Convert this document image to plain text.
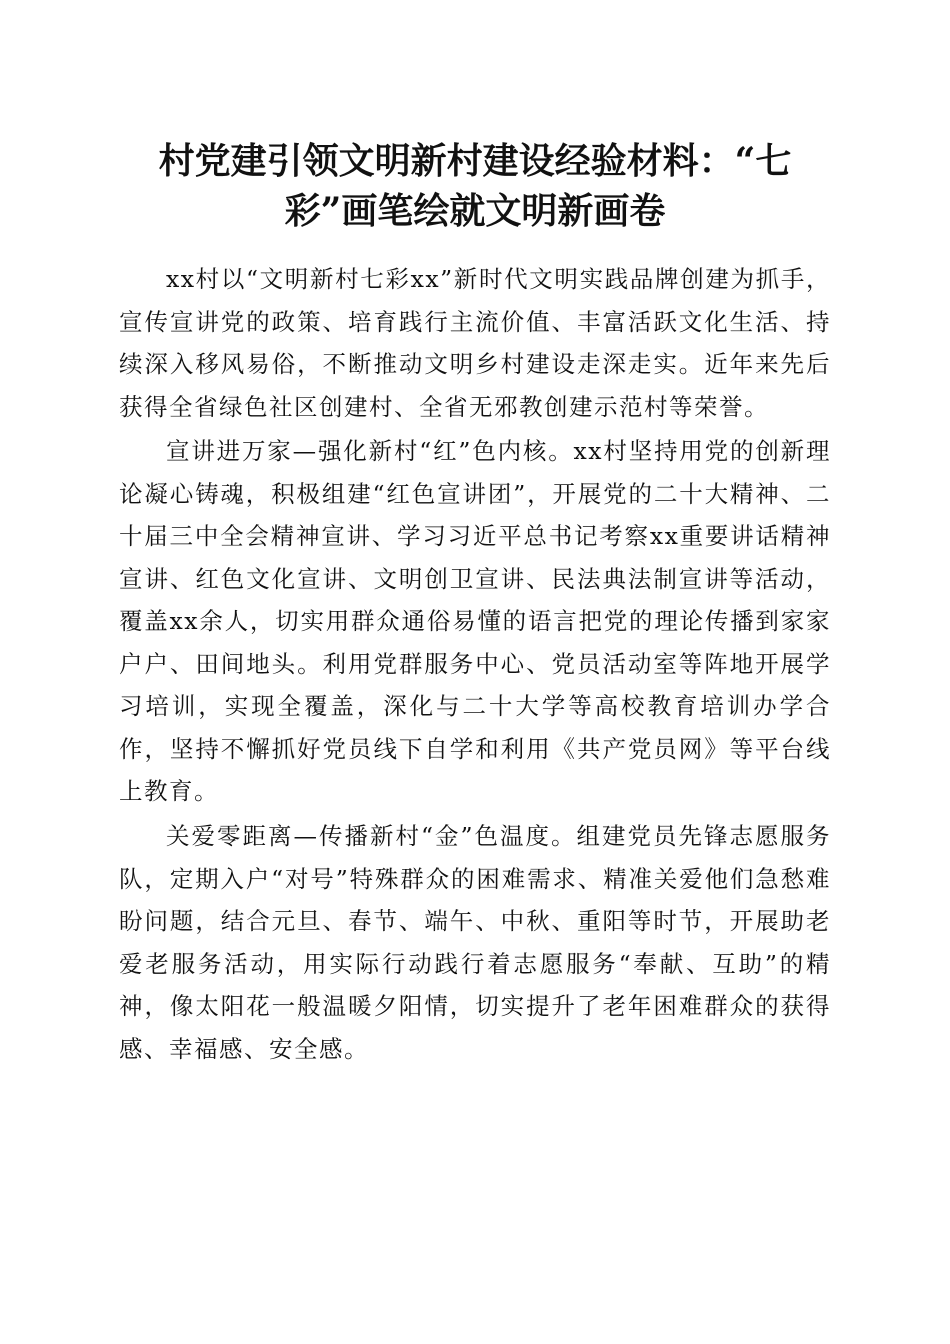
村党建引领文明新村建设经验材料：“七
彩”画笔绘就文明新画卷

xx村以“文明新村七彩xx”新时代文明实践品牌创建为抓手，宣传宣讲党的政策、培育践行主流价值、丰富活跃文化生活、持续深入移风易俗，不断推动文明乡村建设走深走实。近年来先后获得全省绿色社区创建村、全省无邪教创建示范村等荣誉。

宣讲进万家—强化新村“红”色内核。xx村坚持用党的创新理论凝心铸魂，积极组建“红色宣讲团”，开展党的二十大精神、二十届三中全会精神宣讲、学习习近平总书记考察xx重要讲话精神宣讲、红色文化宣讲、文明创卫宣讲、民法典法制宣讲等活动，覆盖xx余人，切实用群众通俗易懂的语言把党的理论传播到家家户户、田间地头。利用党群服务中心、党员活动室等阵地开展学习培训，实现全覆盖，深化与二十大学等高校教育培训办学合作，坚持不懈抓好党员线下自学和利用《共产党员网》等平台线上教育。

关爱零距离—传播新村“金”色温度。组建党员先锋志愿服务队，定期入户“对号”特殊群众的困难需求、精准关爱他们急愁难盼问题，结合元旦、春节、端午、中秋、重阳等时节，开展助老爱老服务活动，用实际行动践行着志愿服务“奉献、互助”的精神，像太阳花一般温暖夕阳情，切实提升了老年困难群众的获得感、幸福感、安全感。
